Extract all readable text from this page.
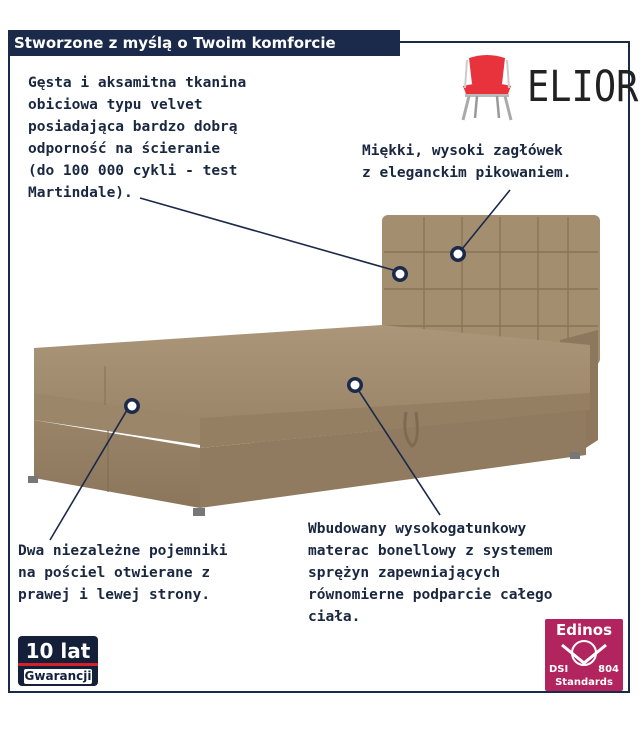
Stworzone z myślą o Twoim komforcie
Gęsta i aksamitna tkanina
obiciowa typu velvet
posiadająca bardzo dobrą
odporność na ścieranie
(do 100 000 cykli - test
Martindale).
Miękki, wysoki zagłówek
z eleganckim pikowaniem.
Dwa niezależne pojemniki
na pościel otwierane z
prawej i lewej strony.
Wbudowany wysokogatunkowy
materac bonellowy z systemem
sprężyn zapewniających
równomierne podparcie całego
ciała.
ELIOR
10 lat
Gwarancji
Edinos
DSI	804
Standards
